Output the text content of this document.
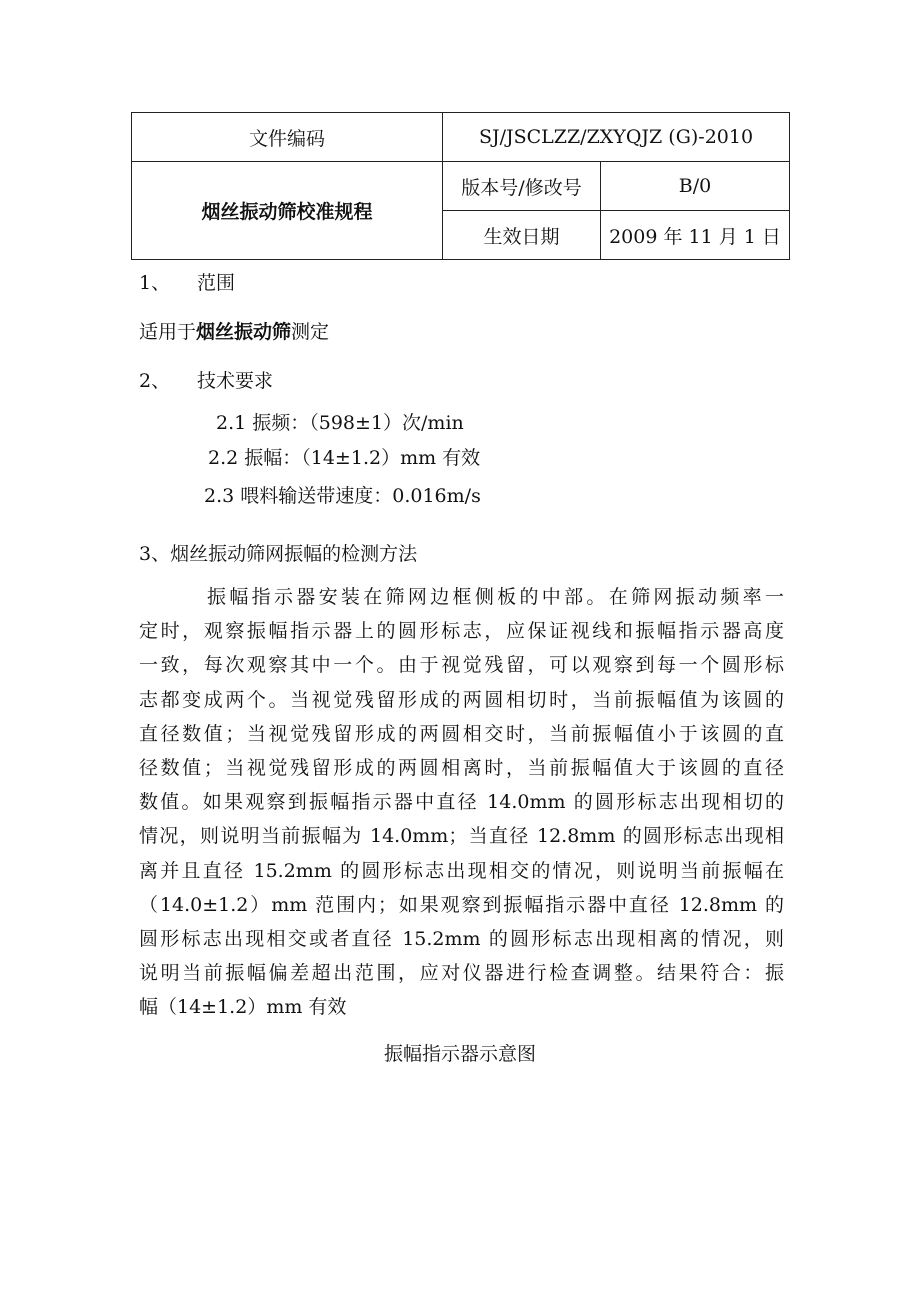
文件编码	SJ/JSCLZZ/ZXYQJZ (G)-2010	
烟丝振动筛校准规程	版本号/修改号	B/0
	生效日期	2009 年 11 月 1 日
1、 范围
适用于烟丝振动筛测定
2、 技术要求
2.1 振频：（598±1）次/min
2.2 振幅：（14±1.2）mm 有效
2.3 喂料输送带速度：0.016m/s
3、烟丝振动筛网振幅的检测方法
振幅指示器安装在筛网边框侧板的中部。在筛网振动频率一
定时，观察振幅指示器上的圆形标志，应保证视线和振幅指示器高度
一致，每次观察其中一个。由于视觉残留，可以观察到每一个圆形标
志都变成两个。当视觉残留形成的两圆相切时，当前振幅值为该圆的
直径数值；当视觉残留形成的两圆相交时，当前振幅值小于该圆的直
径数值；当视觉残留形成的两圆相离时，当前振幅值大于该圆的直径
数值。如果观察到振幅指示器中直径 14.0mm 的圆形标志出现相切的
情况，则说明当前振幅为 14.0mm；当直径 12.8mm 的圆形标志出现相
离并且直径 15.2mm 的圆形标志出现相交的情况，则说明当前振幅在
（14.0±1.2）mm 范围内；如果观察到振幅指示器中直径 12.8mm 的
圆形标志出现相交或者直径 15.2mm 的圆形标志出现相离的情况，则
说明当前振幅偏差超出范围，应对仪器进行检查调整。结果符合：振
幅（14±1.2）mm 有效
振幅指示器示意图
